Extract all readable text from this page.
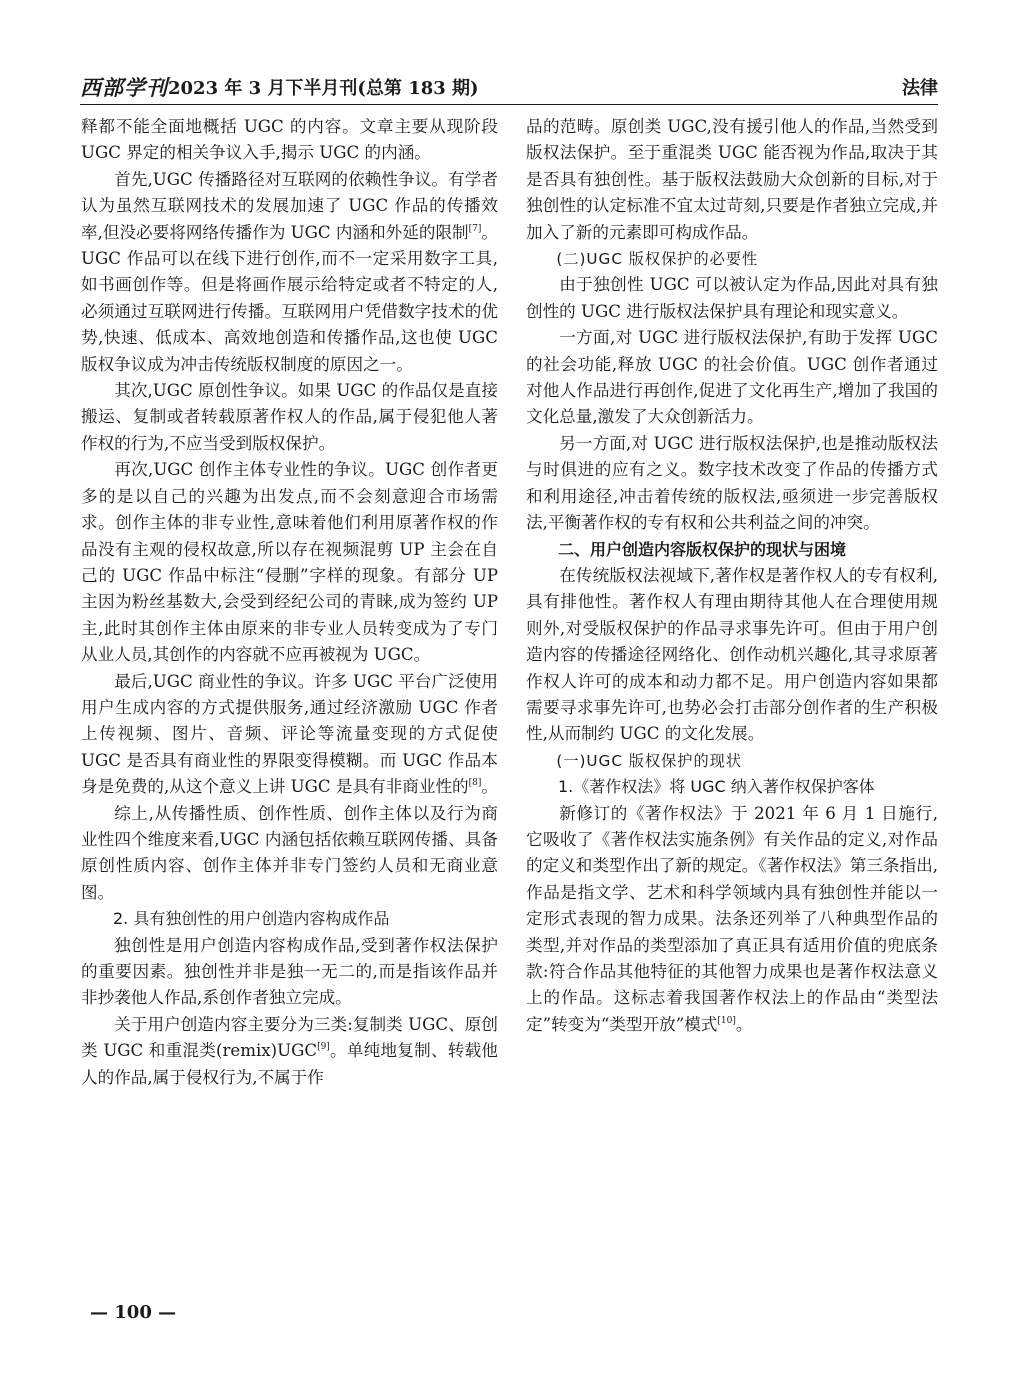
西部学刊 2023 年 3 月下半月刊(总第 183 期)	法律

释都不能全面地概括 UGC 的内容。文章主要从现阶段 UGC 界定的相关争议入手,揭示 UGC 的内涵。

首先,UGC 传播路径对互联网的依赖性争议。有学者认为虽然互联网技术的发展加速了 UGC 作品的传播效率,但没必要将网络传播作为 UGC 内涵和外延的限制[7]。UGC 作品可以在线下进行创作,而不一定采用数字工具,如书画创作等。但是将画作展示给特定或者不特定的人,必须通过互联网进行传播。互联网用户凭借数字技术的优势,快速、低成本、高效地创造和传播作品,这也使 UGC 版权争议成为冲击传统版权制度的原因之一。

其次,UGC 原创性争议。如果 UGC 的作品仅是直接搬运、复制或者转载原著作权人的作品,属于侵犯他人著作权的行为,不应当受到版权保护。

再次,UGC 创作主体专业性的争议。UGC 创作者更多的是以自己的兴趣为出发点,而不会刻意迎合市场需求。创作主体的非专业性,意味着他们利用原著作权的作品没有主观的侵权故意,所以存在视频混剪 UP 主会在自己的 UGC 作品中标注“侵删”字样的现象。有部分 UP 主因为粉丝基数大,会受到经纪公司的青睐,成为签约 UP 主,此时其创作主体由原来的非专业人员转变成为了专门从业人员,其创作的内容就不应再被视为 UGC。

最后,UGC 商业性的争议。许多 UGC 平台广泛使用用户生成内容的方式提供服务,通过经济激励 UGC 作者上传视频、图片、音频、评论等流量变现的方式促使 UGC 是否具有商业性的界限变得模糊。而 UGC 作品本身是免费的,从这个意义上讲 UGC 是具有非商业性的[8]。

综上,从传播性质、创作性质、创作主体以及行为商业性四个维度来看,UGC 内涵包括依赖互联网传播、具备原创性质内容、创作主体并非专门签约人员和无商业意图。

2. 具有独创性的用户创造内容构成作品

独创性是用户创造内容构成作品,受到著作权法保护的重要因素。独创性并非是独一无二的,而是指该作品并非抄袭他人作品,系创作者独立完成。

关于用户创造内容主要分为三类:复制类 UGC、原创类 UGC 和重混类(remix)UGC[9]。单纯地复制、转载他人的作品,属于侵权行为,不属于作

品的范畴。原创类 UGC,没有援引他人的作品,当然受到版权法保护。至于重混类 UGC 能否视为作品,取决于其是否具有独创性。基于版权法鼓励大众创新的目标,对于独创性的认定标准不宜太过苛刻,只要是作者独立完成,并加入了新的元素即可构成作品。

(二)UGC 版权保护的必要性

由于独创性 UGC 可以被认定为作品,因此对具有独创性的 UGC 进行版权法保护具有理论和现实意义。

一方面,对 UGC 进行版权法保护,有助于发挥 UGC 的社会功能,释放 UGC 的社会价值。UGC 创作者通过对他人作品进行再创作,促进了文化再生产,增加了我国的文化总量,激发了大众创新活力。

另一方面,对 UGC 进行版权法保护,也是推动版权法与时俱进的应有之义。数字技术改变了作品的传播方式和利用途径,冲击着传统的版权法,亟须进一步完善版权法,平衡著作权的专有权和公共利益之间的冲突。

二、用户创造内容版权保护的现状与困境

在传统版权法视域下,著作权是著作权人的专有权利,具有排他性。著作权人有理由期待其他人在合理使用规则外,对受版权保护的作品寻求事先许可。但由于用户创造内容的传播途径网络化、创作动机兴趣化,其寻求原著作权人许可的成本和动力都不足。用户创造内容如果都需要寻求事先许可,也势必会打击部分创作者的生产积极性,从而制约 UGC 的文化发展。

(一)UGC 版权保护的现状

1.《著作权法》将 UGC 纳入著作权保护客体

新修订的《著作权法》于 2021 年 6 月 1 日施行,它吸收了《著作权法实施条例》有关作品的定义,对作品的定义和类型作出了新的规定。《著作权法》第三条指出,作品是指文学、艺术和科学领域内具有独创性并能以一定形式表现的智力成果。法条还列举了八种典型作品的类型,并对作品的类型添加了真正具有适用价值的兜底条款:符合作品其他特征的其他智力成果也是著作权法意义上的作品。这标志着我国著作权法上的作品由“类型法定”转变为“类型开放”模式[10]。

— 100 —
